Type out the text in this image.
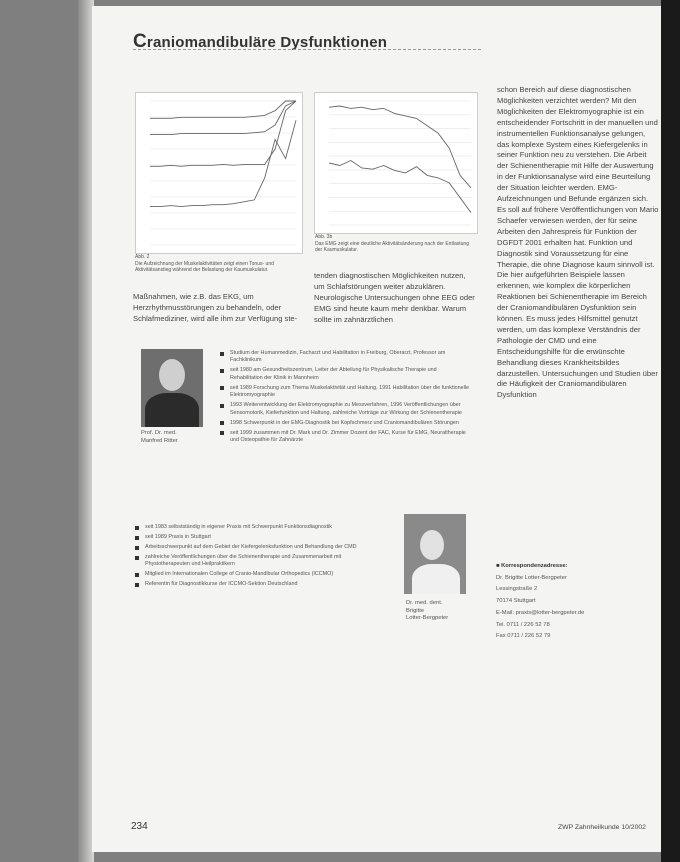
Craniomandibuläre Dysfunktionen
Abb. 2
Die Aufzeichnung der Muskelaktivitäten zeigt einen Tonus- und Aktivitätsanstieg während der Belastung der Kaumuskulatur.
Abb. 3b
Das EMG zeigt eine deutliche Aktivitätsänderung nach der Entlastung der Kaumuskulatur.

schon Bereich auf diese diagnostischen Möglichkeiten verzichtet werden? Mit den Möglichkeiten der Elektromyographie ist ein entscheidender Fortschritt in der manuellen und instrumentellen Funktionsanalyse gelungen, das komplexe System eines Kiefergelenks in seiner Funktion neu zu verstehen. Die Arbeit der Schienentherapie mit Hilfe der Auswertung in der Funktionsanalyse wird eine Beurteilung der Situation leichter werden. EMG-Aufzeichnungen und Befunde ergänzen sich. Es soll auf frühere Veröffentlichungen von Mario Schaefer verwiesen werden, der für seine Arbeiten den Jahrespreis für Funktion der DGFDT 2001 erhalten hat. Funktion und Diagnostik sind Voraussetzung für eine Therapie, die ohne Diagnose kaum sinnvoll ist. Die hier aufgeführten Beispiele lassen erkennen, wie komplex die körperlichen Reaktionen bei Schienentherapie im Bereich der Craniomandibulären Dysfunktion sein können. Es muss jedes Hilfsmittel genutzt werden, um das komplexe Verständnis der Pathologie der CMD und eine Entscheidungshilfe für die erwünschte Behandlung dieses Krankheitsbildes darzustellen. Untersuchungen und Studien über die Häufigkeit der Craniomandibulären Dysfunktion

tenden diagnostischen Möglichkeiten nutzen, um Schlafstörungen weiter abzuklären. Neurologische Untersuchungen ohne EEG oder EMG sind heute kaum mehr denkbar. Warum sollte im zahnärztlichen

Maßnahmen, wie z.B. das EKG, um Herzrhythmusstörungen zu behandeln, oder Schlafmediziner, wird alle ihm zur Verfügung ste-

Prof. Dr. med.
Manfred Ritter
Studium der Humanmedizin, Facharzt und Habilitation in Freiburg, Oberarzt, Professor am Fachklinikum
seit 1980 am Gesundheitszentrum, Leiter der Abteilung für Physikalische Therapie und Rehabilitation der Klinik in Mannheim
seit 1989 Forschung zum Thema Muskelaktivität und Haltung, 1991 Habilitation über die funktionelle Elektromyographie
1993 Weiterentwicklung der Elektromyographie zu Messverfahren, 1996 Veröffentlichungen über Sensomotorik, Kieferfunktion und Haltung, zahlreiche Vorträge zur Wirkung der Schienentherapie
1998 Schwerpunkt in der EMG-Diagnostik bei Kopfschmerz und Craniomandibulären Störungen
seit 1999 zusammen mit Dr. Mark und Dr. Zimmer Dozent der FAC, Kurse für EMG, Neuraltherapie und Osteopathie für Zahnärzte
seit 1983 selbstständig in eigener Praxis mit Schwerpunkt Funktionsdiagnostik
seit 1989 Praxis in Stuttgart
Arbeitsschwerpunkt auf dem Gebiet der Kiefergelenksfunktion und Behandlung der CMD
zahlreiche Veröffentlichungen über die Schienentherapie und Zusammenarbeit mit Physiotherapeuten und Heilpraktikern
Mitglied im Internationalen College of Cranio-Mandibular Orthopedics (ICCMO)
Referentin für Diagnostikkurse der ICCMO-Sektion Deutschland
Dr. med. dent.
Brigitte
Lotter-Bergpeter
■ Korrespondenzadresse:
Dr. Brigitte Lotter-Bergpeter
Lessingstraße 2
70174 Stuttgart
E-Mail: praxis@lotter-bergpeter.de
Tel. 0711 / 226 52 78
Fax 0711 / 226 52 79
234	ZWP Zahnheilkunde 10/2002
